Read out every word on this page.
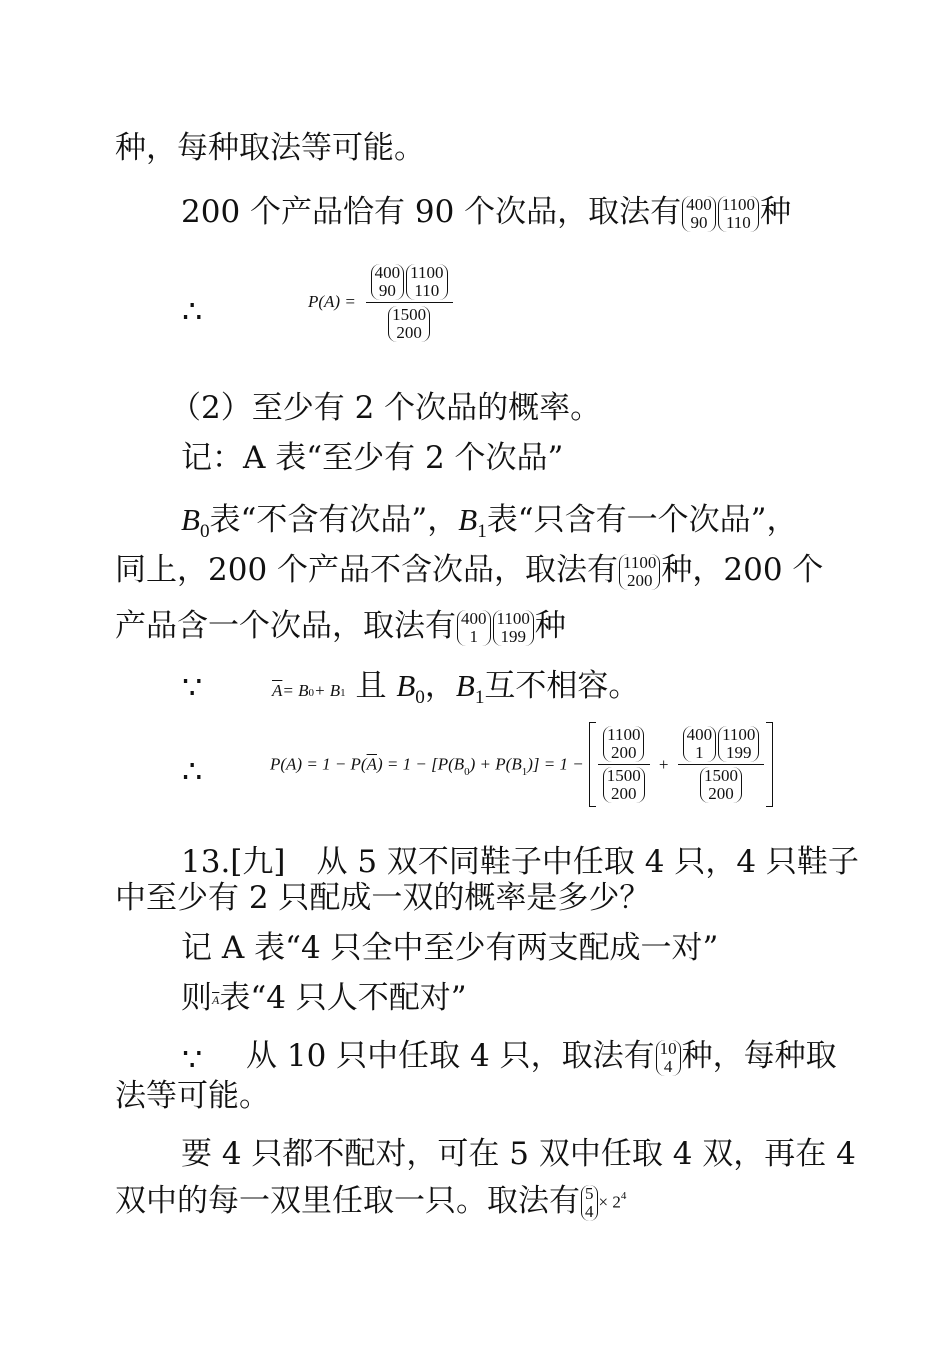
种，每种取法等可能。
200 个产品恰有 90 个次品，取法有 400
90
1100
110 种
∴	P(A) = 400
90
1100
110
1500
200
（2）至少有 2 个次品的概率。
记：A 表“至少有 2 个次品”
$B_0$表“不含有次品”，$B_1$表“只含有一个次品”，
同上，200 个产品不含次品，取法有 1100
200 种，200 个
产品含一个次品，取法有 400
1
1100
199 种
∵	$\overline{A}= B0+ B1$ 且 $B_0$，$B_1$互不相容。
∴	$P(A) = 1 - P(\overline{A}) = 1 - [P(B_0) + P(B_1)] = 1 - 1100$
200
1500
200 + 400
1
1100
199
1500
200
13.[九]　从 5 双不同鞋子中任取 4 只，4 只鞋子
中至少有 2 只配成一双的概率是多少？
记 A 表“4 只全中至少有两支配成一对”
则$\overline{A}$表“4 只人不配对”
∵ 从 10 只中任取 4 只，取法有 10
4 种，每种取
法等可能。
要 4 只都不配对，可在 5 双中任取 4 双，再在 4
双中的每一双里任取一只。取法有 5
$4 \times 2^4$
